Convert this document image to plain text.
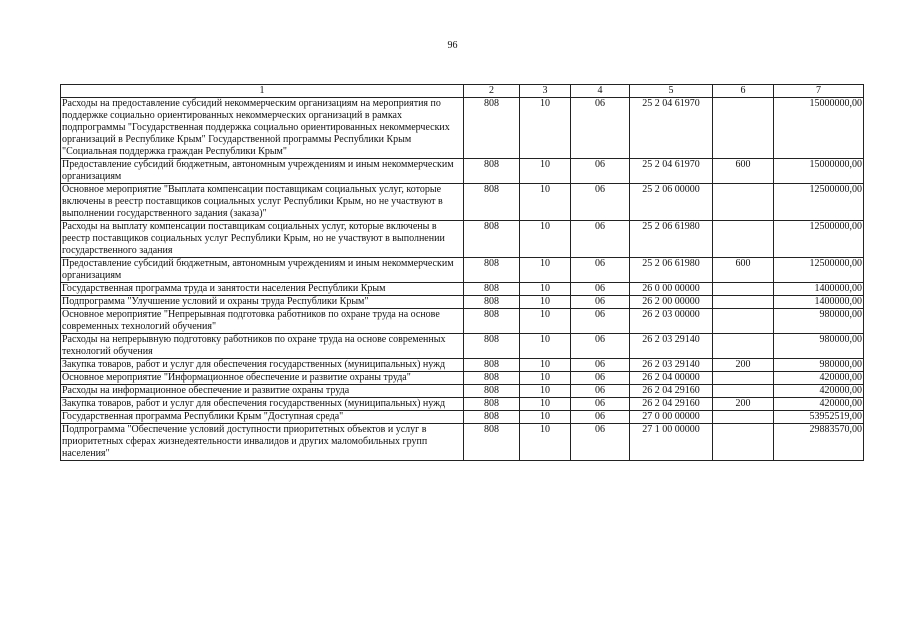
96
1	2	3	4	5	6	7
Расходы на предоставление субсидий некоммерческим организациям на мероприятия по поддержке социально ориентированных некоммерческих организаций в рамках подпрограммы "Государственная поддержка социально ориентированных некоммерческих организаций в Республике Крым" Государственной программы Республики Крым "Социальная поддержка граждан Республики Крым"	808	10	06	25 2 04 61970		15000000,00
Предоставление субсидий бюджетным, автономным учреждениям и иным некоммерческим организациям	808	10	06	25 2 04 61970	600	15000000,00
Основное мероприятие "Выплата компенсации поставщикам социальных услуг, которые включены в реестр поставщиков социальных услуг Республики Крым, но не участвуют в выполнении государственного задания (заказа)"	808	10	06	25 2 06 00000		12500000,00
Расходы на выплату компенсации поставщикам социальных услуг, которые включены в реестр поставщиков социальных услуг Республики Крым, но не участвуют в выполнении государственного задания	808	10	06	25 2 06 61980		12500000,00
Предоставление субсидий бюджетным, автономным учреждениям и иным некоммерческим организациям	808	10	06	25 2 06 61980	600	12500000,00
Государственная программа труда и занятости населения Республики Крым	808	10	06	26 0 00 00000		1400000,00
Подпрограмма "Улучшение условий и охраны труда Республики Крым"	808	10	06	26 2 00 00000		1400000,00
Основное мероприятие "Непрерывная подготовка работников по охране труда на основе современных технологий обучения"	808	10	06	26 2 03 00000		980000,00
Расходы на непрерывную подготовку работников по охране труда на основе современных технологий обучения	808	10	06	26 2 03 29140		980000,00
Закупка товаров, работ и услуг для обеспечения государственных (муниципальных) нужд	808	10	06	26 2 03 29140	200	980000,00
Основное мероприятие "Информационное обеспечение и развитие охраны труда"	808	10	06	26 2 04 00000		420000,00
Расходы на информационное обеспечение и развитие охраны труда	808	10	06	26 2 04 29160		420000,00
Закупка товаров, работ и услуг для обеспечения государственных (муниципальных) нужд	808	10	06	26 2 04 29160	200	420000,00
Государственная программа Республики Крым "Доступная среда"	808	10	06	27 0 00 00000		53952519,00
Подпрограмма "Обеспечение условий доступности приоритетных объектов и услуг в приоритетных сферах жизнедеятельности инвалидов и других маломобильных групп населения"	808	10	06	27 1 00 00000		29883570,00
